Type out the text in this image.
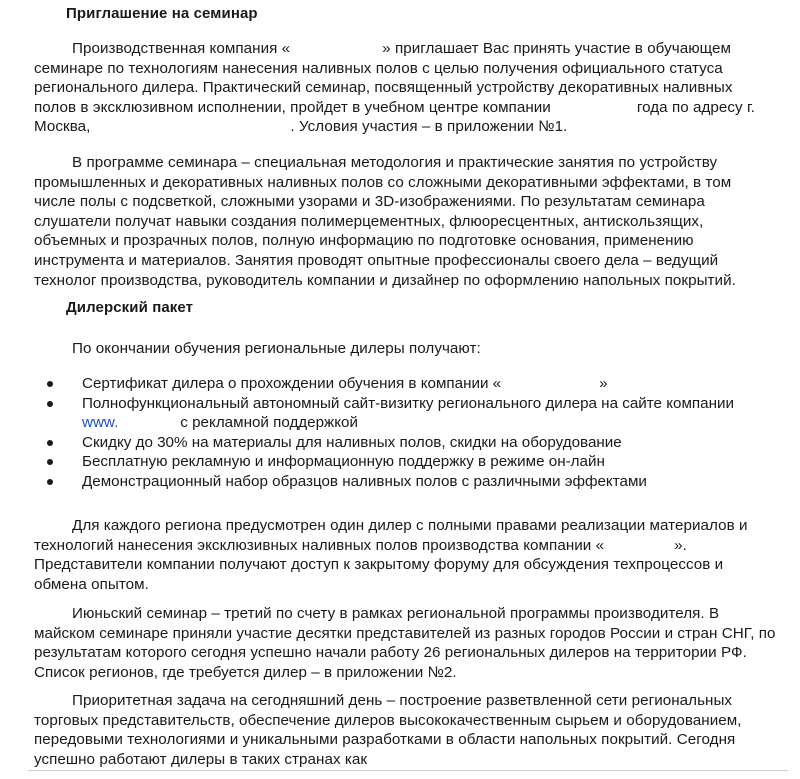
Приглашение на семинар
Производственная компания «	» приглашает Вас принять участие в обучающем семинаре по технологиям нанесения наливных полов с целью получения официального статуса регионального дилера. Практический семинар, посвященный устройству декоративных наливных полов в эксклюзивном исполнении, пройдет в учебном центре компании	года по адресу г. Москва,	. Условия участия – в приложении №1.
В программе семинара – специальная методология и практические занятия по устройству промышленных и декоративных наливных полов со сложными декоративными эффектами, в том числе полы с подсветкой, сложными узорами и 3D-изображениями. По результатам семинара слушатели получат навыки создания полимерцементных, флюоресцентных, антискользящих, объемных и прозрачных полов, полную информацию по подготовке основания, применению инструмента и материалов. Занятия проводят опытные профессионалы своего дела – ведущий технолог производства, руководитель компании и дизайнер по оформлению напольных покрытий.
Дилерский пакет
По окончании обучения региональные дилеры получают:
Сертификат дилера о прохождении обучения в компании «	»
Полнофункциональный автономный сайт-визитку регионального дилера на сайте компании
www.	с рекламной поддержкой
Скидку до 30% на материалы для наливных полов, скидки на оборудование
Бесплатную рекламную и информационную поддержку в режиме он-лайн
Демонстрационный набор образцов наливных полов с различными эффектами
Для каждого региона предусмотрен один дилер с полными правами реализации материалов и технологий нанесения эксклюзивных наливных полов производства компании «	». Представители компании получают доступ к закрытому форуму для обсуждения техпроцессов и обмена опытом.
Июньский семинар – третий по счету в рамках региональной программы производителя. В майском семинаре приняли участие десятки представителей из разных городов России и стран СНГ, по результатам которого сегодня успешно начали работу 26 региональных дилеров на территории РФ. Список регионов, где требуется дилер – в приложении №2.
Приоритетная задача на сегодняшний день – построение разветвленной сети региональных торговых представительств, обеспечение дилеров высококачественным сырьем и оборудованием, передовыми технологиями и уникальными разработками в области напольных покрытий. Сегодня успешно работают дилеры в таких странах как
